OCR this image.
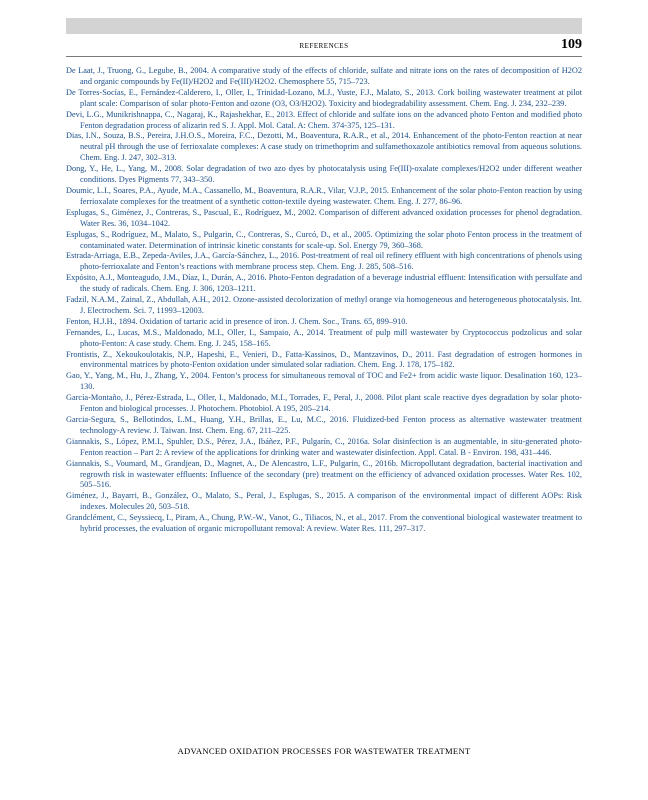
REFERENCES	109

De Laat, J., Truong, G., Legube, B., 2004. A comparative study of the effects of chloride, sulfate and nitrate ions on the rates of decomposition of H2O2 and organic compounds by Fe(II)/H2O2 and Fe(III)/H2O2. Chemosphere 55, 715–723.

De Torres-Socías, E., Fernández-Calderero, I., Oller, I., Trinidad-Lozano, M.J., Yuste, F.J., Malato, S., 2013. Cork boiling wastewater treatment at pilot plant scale: Comparison of solar photo-Fenton and ozone (O3, O3/H2O2). Toxicity and biodegradability assessment. Chem. Eng. J. 234, 232–239.

Devi, L.G., Munikrishnappa, C., Nagaraj, K., Rajashekhar, E., 2013. Effect of chloride and sulfate ions on the advanced photo Fenton and modified photo Fenton degradation process of alizarin red S. J. Appl. Mol. Catal. A: Chem. 374-375, 125–131.

Dias, I.N., Souza, B.S., Pereira, J.H.O.S., Moreira, F.C., Dezotti, M., Boaventura, R.A.R., et al., 2014. Enhancement of the photo-Fenton reaction at near neutral pH through the use of ferrioxalate complexes: A case study on trimethoprim and sulfamethoxazole antibiotics removal from aqueous solutions. Chem. Eng. J. 247, 302–313.

Dong, Y., He, L., Yang, M., 2008. Solar degradation of two azo dyes by photocatalysis using Fe(III)-oxalate complexes/H2O2 under different weather conditions. Dyes Pigments 77, 343–350.

Doumic, L.I., Soares, P.A., Ayude, M.A., Cassanello, M., Boaventura, R.A.R., Vilar, V.J.P., 2015. Enhancement of the solar photo-Fenton reaction by using ferrioxalate complexes for the treatment of a synthetic cotton-textile dyeing wastewater. Chem. Eng. J. 277, 86–96.

Esplugas, S., Giménez, J., Contreras, S., Pascual, E., Rodríguez, M., 2002. Comparison of different advanced oxidation processes for phenol degradation. Water Res. 36, 1034–1042.

Esplugas, S., Rodríguez, M., Malato, S., Pulgarin, C., Contreras, S., Curcó, D., et al., 2005. Optimizing the solar photo Fenton process in the treatment of contaminated water. Determination of intrinsic kinetic constants for scale-up. Sol. Energy 79, 360–368.

Estrada-Arriaga, E.B., Zepeda-Aviles, J.A., García-Sánchez, L., 2016. Post-treatment of real oil refinery effluent with high concentrations of phenols using photo-ferrioxalate and Fenton’s reactions with membrane process step. Chem. Eng. J. 285, 508–516.

Expósito, A.J., Monteagudo, J.M., Díaz, I., Durán, A., 2016. Photo-Fenton degradation of a beverage industrial effluent: Intensification with persulfate and the study of radicals. Chem. Eng. J. 306, 1203–1211.

Fadzil, N.A.M., Zainal, Z., Abdullah, A.H., 2012. Ozone-assisted decolorization of methyl orange via homogeneous and heterogeneous photocatalysis. Int. J. Electrochem. Sci. 7, 11993–12003.

Fenton, H.J.H., 1894. Oxidation of tartaric acid in presence of iron. J. Chem. Soc., Trans. 65, 899–910.

Fernandes, L., Lucas, M.S., Maldonado, M.I., Oller, I., Sampaio, A., 2014. Treatment of pulp mill wastewater by Cryptococcus podzolicus and solar photo-Fenton: A case study. Chem. Eng. J. 245, 158–165.

Frontistis, Z., Xekoukoulotakis, N.P., Hapeshi, E., Venieri, D., Fatta-Kassinos, D., Mantzavinos, D., 2011. Fast degradation of estrogen hormones in environmental matrices by photo-Fenton oxidation under simulated solar radiation. Chem. Eng. J. 178, 175–182.

Gao, Y., Yang, M., Hu, J., Zhang, Y., 2004. Fenton’s process for simultaneous removal of TOC and Fe2+ from acidic waste liquor. Desalination 160, 123–130.

García-Montaño, J., Pérez-Estrada, L., Oller, I., Maldonado, M.I., Torrades, F., Peral, J., 2008. Pilot plant scale reactive dyes degradation by solar photo-Fenton and biological processes. J. Photochem. Photobiol. A 195, 205–214.

Garcia-Segura, S., Bellotindos, L.M., Huang, Y.H., Brillas, E., Lu, M.C., 2016. Fluidized-bed Fenton process as alternative wastewater treatment technology-A review. J. Taiwan. Inst. Chem. Eng. 67, 211–225.

Giannakis, S., López, P.M.I., Spuhler, D.S., Pérez, J.A., Ibáñez, P.F., Pulgarín, C., 2016a. Solar disinfection is an augmentable, in situ-generated photo-Fenton reaction – Part 2: A review of the applications for drinking water and wastewater disinfection. Appl. Catal. B - Environ. 198, 431–446.

Giannakis, S., Voumard, M., Grandjean, D., Magnet, A., De Alencastro, L.F., Pulgarin, C., 2016b. Micropollutant degradation, bacterial inactivation and regrowth risk in wastewater effluents: Influence of the secondary (pre) treatment on the efficiency of advanced oxidation processes. Water Res. 102, 505–516.

Giménez, J., Bayarri, B., González, O., Malato, S., Peral, J., Esplugas, S., 2015. A comparison of the environmental impact of different AOPs: Risk indexes. Molecules 20, 503–518.

Grandclément, C., Seyssiecq, I., Piram, A., Chung, P.W.-W., Vanot, G., Tiliacos, N., et al., 2017. From the conventional biological wastewater treatment to hybrid processes, the evaluation of organic micropollutant removal: A review. Water Res. 111, 297–317.

ADVANCED OXIDATION PROCESSES FOR WASTEWATER TREATMENT
